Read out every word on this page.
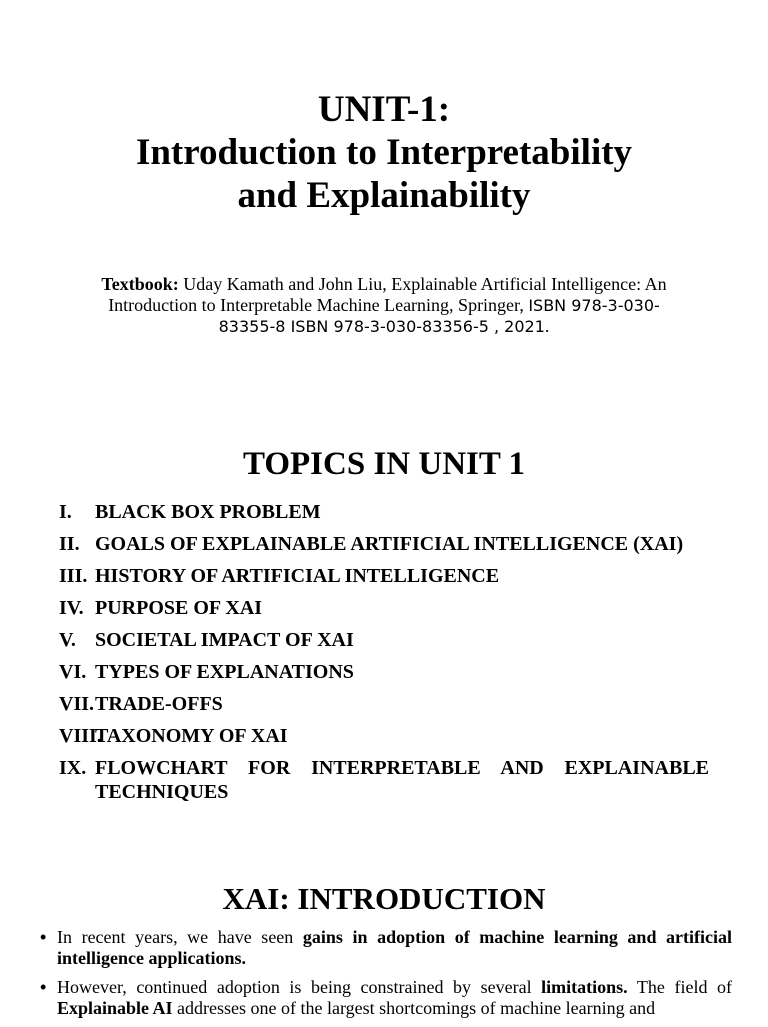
UNIT-1:
Introduction to Interpretability
and Explainability
Textbook: Uday Kamath and John Liu, Explainable Artificial Intelligence: An Introduction to Interpretable Machine Learning, Springer, ISBN 978-3-030-83355-8 ISBN 978-3-030-83356-5 , 2021.
TOPICS IN UNIT 1
I. BLACK BOX PROBLEM
II. GOALS OF EXPLAINABLE ARTIFICIAL INTELLIGENCE (XAI)
III. HISTORY OF ARTIFICIAL INTELLIGENCE
IV. PURPOSE OF XAI
V. SOCIETAL IMPACT OF XAI
VI. TYPES OF EXPLANATIONS
VII. TRADE-OFFS
VIII.
TAXONOMY OF XAI
IX. FLOWCHART FOR INTERPRETABLE AND EXPLAINABLE TECHNIQUES
XAI: INTRODUCTION
• In recent years, we have seen gains in adoption of machine learning and artificial intelligence applications.
• However, continued adoption is being constrained by several limitations. The field of Explainable AI addresses one of the largest shortcomings of machine learning and
